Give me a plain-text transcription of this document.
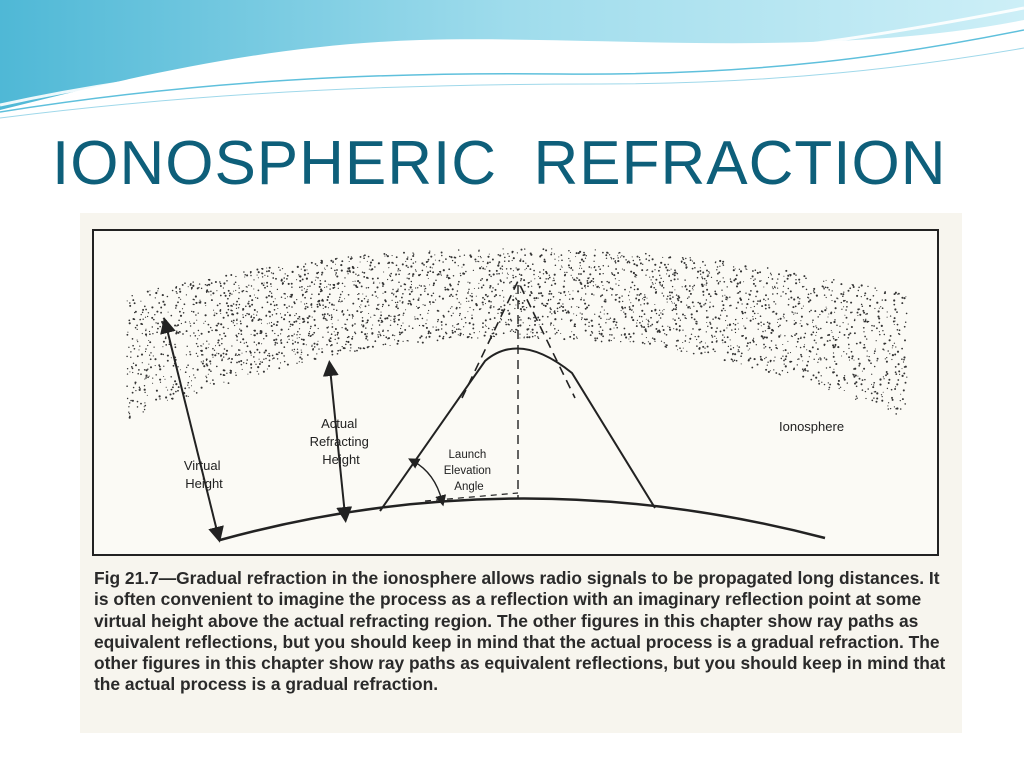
IONOSPHERIC  REFRACTION
Virtual Height
Actual Refracting Height	Launch Elevation Angle
Ionosphere

Fig 21.7—Gradual refraction in the ionosphere allows radio signals to be propagated long distances. It is often convenient to imagine the process as a reflection with an imaginary reflection point at some virtual height above the actual refracting region. The other figures in this chapter show ray paths as equivalent reflections, but you should keep in mind that the actual process is a gradual refraction. The other figures in this chapter show ray paths as equivalent reflections, but you should keep in mind that the actual process is a gradual refraction.
